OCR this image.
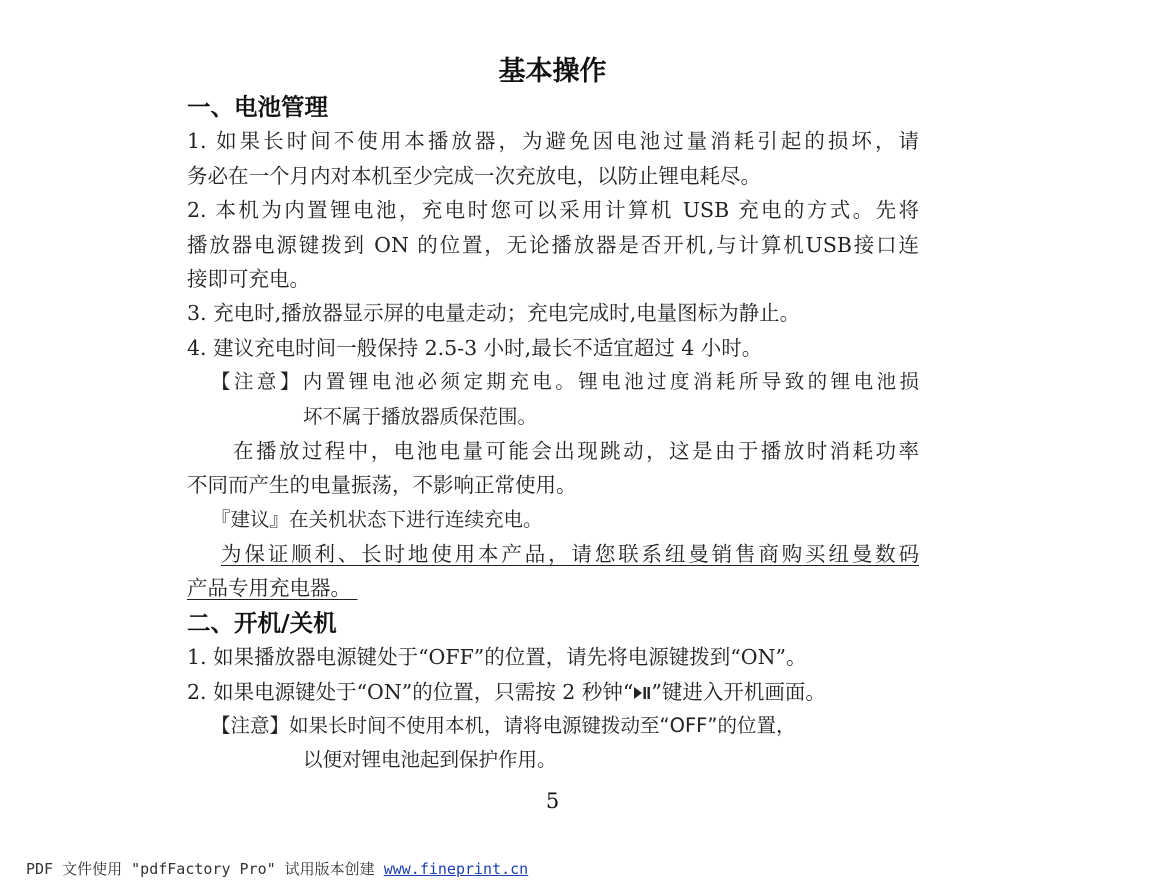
基本操作
一、电池管理
1. 如果长时间不使用本播放器，为避免因电池过量消耗引起的损坏，请
务必在一个月内对本机至少完成一次充放电，以防止锂电耗尽。
2. 本机为内置锂电池，充电时您可以采用计算机 USB 充电的方式。先将
播放器电源键拨到 ON 的位置，无论播放器是否开机,与计算机USB接口连
接即可充电。
3. 充电时,播放器显示屏的电量走动；充电完成时,电量图标为静止。
4. 建议充电时间一般保持 2.5-3 小时,最长不适宜超过 4 小时。
【注意】内置锂电池必须定期充电。锂电池过度消耗所导致的锂电池损
坏不属于播放器质保范围。
在播放过程中，电池电量可能会出现跳动，这是由于播放时消耗功率
不同而产生的电量振荡，不影响正常使用。
『建议』在关机状态下进行连续充电。
为保证顺利、长时地使用本产品，请您联系纽曼销售商购买纽曼数码
产品专用充电器。
二、开机/关机
1. 如果播放器电源键处于“OFF”的位置，请先将电源键拨到“ON”。
2. 如果电源键处于“ON”的位置，只需按 2 秒钟“ ”键进入开机画面。
【注意】如果长时间不使用本机，请将电源键拨动至“OFF”的位置，
以便对锂电池起到保护作用。
5
PDF 文件使用 "pdfFactory Pro" 试用版本创建 www.fineprint.cn
